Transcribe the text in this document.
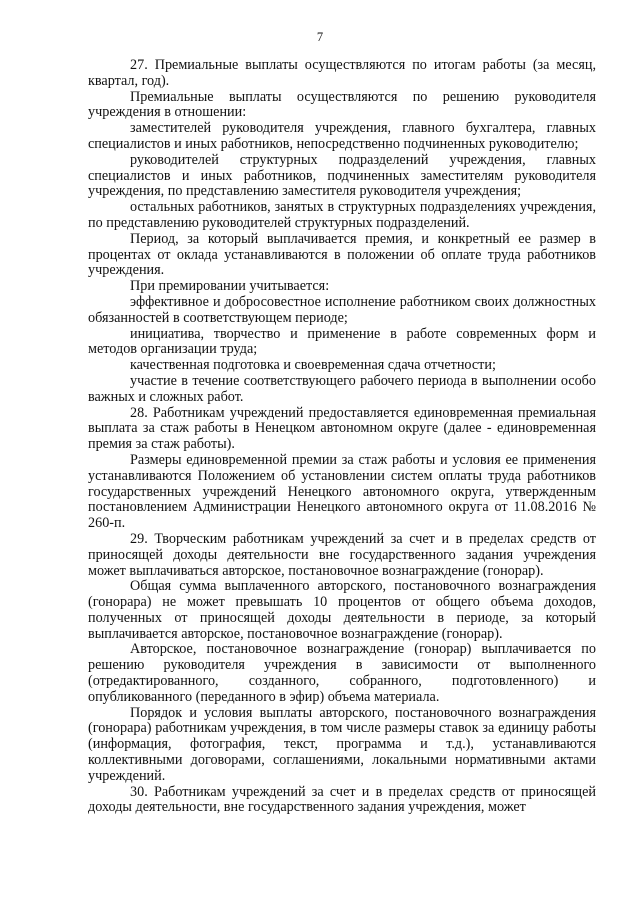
7

27. Премиальные выплаты осуществляются по итогам работы (за месяц, квартал, год).

Премиальные выплаты осуществляются по решению руководителя учреждения в отношении:

заместителей руководителя учреждения, главного бухгалтера, главных специалистов и иных работников, непосредственно подчиненных руководителю;

руководителей структурных подразделений учреждения, главных специалистов и иных работников, подчиненных заместителям руководителя учреждения, по представлению заместителя руководителя учреждения;

остальных работников, занятых в структурных подразделениях учреждения, по представлению руководителей структурных подразделений.

Период, за который выплачивается премия, и конкретный ее размер в процентах от оклада устанавливаются в положении об оплате труда работников учреждения.

При премировании учитывается:

эффективное и добросовестное исполнение работником своих должностных обязанностей в соответствующем периоде;

инициатива, творчество и применение в работе современных форм и методов организации труда;

качественная подготовка и своевременная сдача отчетности;

участие в течение соответствующего рабочего периода в выполнении особо важных и сложных работ.

28. Работникам учреждений предоставляется единовременная премиальная выплата за стаж работы в Ненецком автономном округе (далее - единовременная премия за стаж работы).

Размеры единовременной премии за стаж работы и условия ее применения устанавливаются Положением об установлении систем оплаты труда работников государственных учреждений Ненецкого автономного округа, утвержденным постановлением Администрации Ненецкого автономного округа от 11.08.2016 № 260-п.

29. Творческим работникам учреждений за счет и в пределах средств от приносящей доходы деятельности вне государственного задания учреждения может выплачиваться авторское, постановочное вознаграждение (гонорар).

Общая сумма выплаченного авторского, постановочного вознаграждения (гонорара) не может превышать 10 процентов от общего объема доходов, полученных от приносящей доходы деятельности в периоде, за который выплачивается авторское, постановочное вознаграждение (гонорар).

Авторское, постановочное вознаграждение (гонорар) выплачивается по решению руководителя учреждения в зависимости от выполненного (отредактированного, созданного, собранного, подготовленного) и опубликованного (переданного в эфир) объема материала.

Порядок и условия выплаты авторского, постановочного вознаграждения (гонорара) работникам учреждения, в том числе размеры ставок за единицу работы (информация, фотография, текст, программа и т.д.), устанавливаются коллективными договорами, соглашениями, локальными нормативными актами учреждений.

30. Работникам учреждений за счет и в пределах средств от приносящей доходы деятельности, вне государственного задания учреждения, может
